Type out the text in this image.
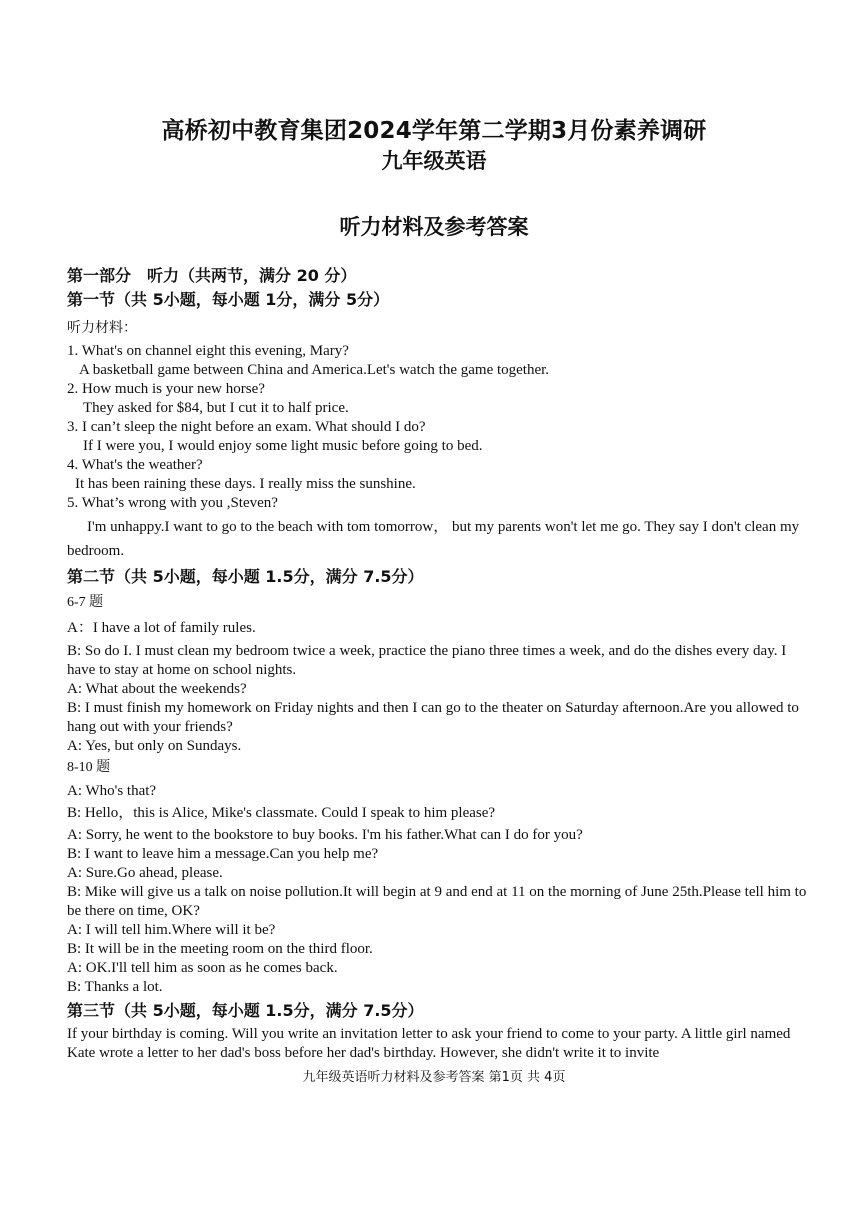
高桥初中教育集团2024学年第二学期3月份素养调研
九年级英语
听力材料及参考答案
第一部分　听力（共两节，满分 20 分）
第一节（共 5小题，每小题 1分，满分 5分）
听力材料：
1. What's on channel eight this evening, Mary?
A basketball game between China and America.Let's watch the game together.
2. How much is your new horse?
They asked for $84, but I cut it to half price.
3. I can’t sleep the night before an exam. What should I do?
If I were you, I would enjoy some light music before going to bed.
4. What's the weather?
It has been raining these days. I really miss the sunshine.
5. What’s wrong with you ,Steven?
I'm unhappy.I want to go to the beach with tom tomorrow， but my parents won't let me go. They say I don't clean my bedroom.
第二节（共 5小题，每小题 1.5分，满分 7.5分）
6-7 题
A：I have a lot of family rules.
B: So do I. I must clean my bedroom twice a week, practice the piano three times a week, and do the dishes every day. I have to stay at home on school nights.
A: What about the weekends?
B: I must finish my homework on Friday nights and then I can go to the theater on Saturday afternoon.Are you allowed to hang out with your friends?
A: Yes, but only on Sundays.
8-10 题
A: Who's that?
B: Hello，this is Alice, Mike's classmate. Could I speak to him please?
A: Sorry, he went to the bookstore to buy books. I'm his father.What can I do for you?
B: I want to leave him a message.Can you help me?
A: Sure.Go ahead, please.
B: Mike will give us a talk on noise pollution.It will begin at 9 and end at 11 on the morning of June 25th.Please tell him to be there on time, OK?
A: I will tell him.Where will it be?
B: It will be in the meeting room on the third floor.
A: OK.I'll tell him as soon as he comes back.
B: Thanks a lot.
第三节（共 5小题，每小题 1.5分，满分 7.5分）
If your birthday is coming. Will you write an invitation letter to ask your friend to come to your party. A little girl named Kate wrote a letter to her dad's boss before her dad's birthday. However, she didn't write it to invite
九年级英语听力材料及参考答案 第1页 共 4页
